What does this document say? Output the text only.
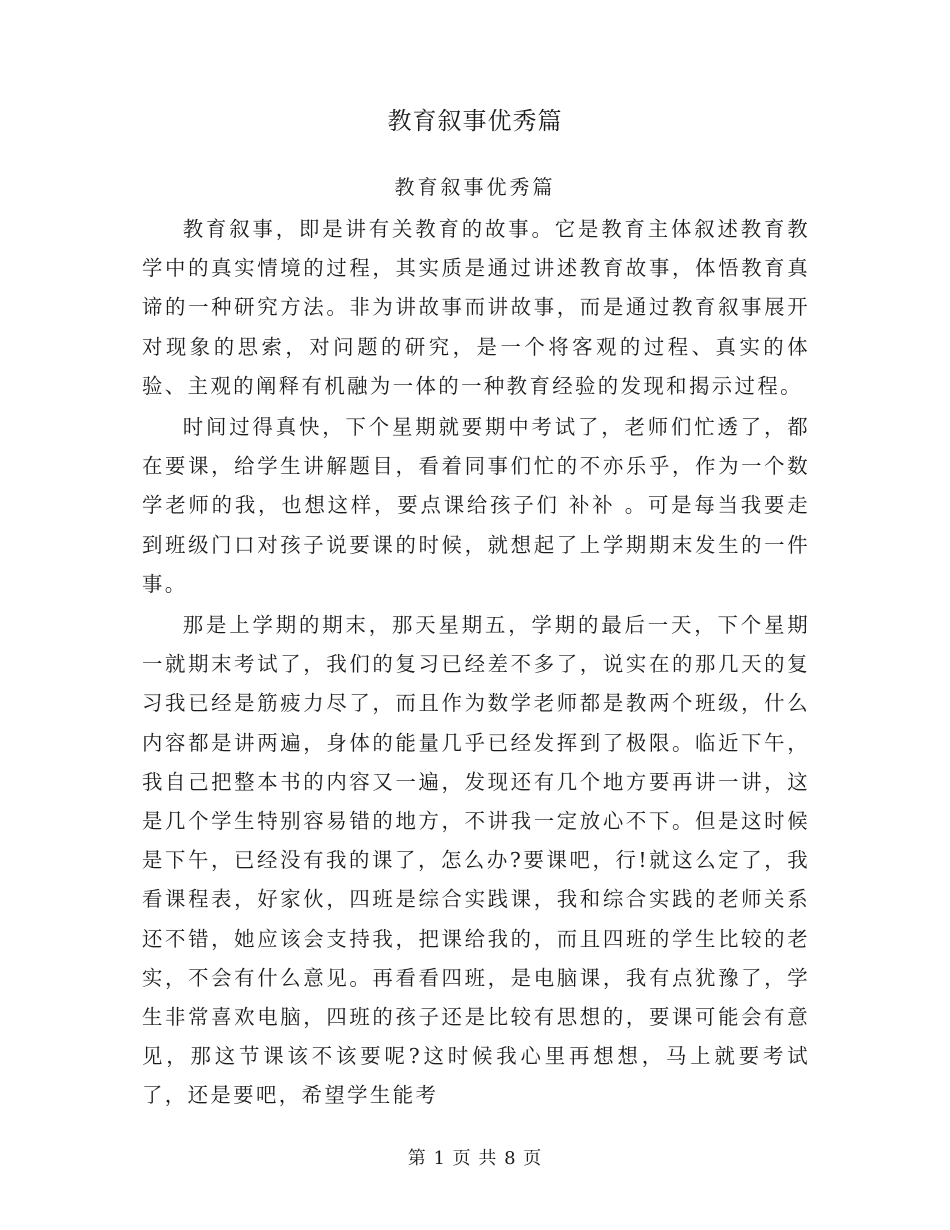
教育叙事优秀篇
教育叙事优秀篇

教育叙事，即是讲有关教育的故事。它是教育主体叙述教育教学中的真实情境的过程，其实质是通过讲述教育故事，体悟教育真谛的一种研究方法。非为讲故事而讲故事，而是通过教育叙事展开对现象的思索，对问题的研究，是一个将客观的过程、真实的体验、主观的阐释有机融为一体的一种教育经验的发现和揭示过程。

时间过得真快，下个星期就要期中考试了，老师们忙透了，都在要课，给学生讲解题目，看着同事们忙的不亦乐乎，作为一个数学老师的我，也想这样，要点课给孩子们 补补 。可是每当我要走到班级门口对孩子说要课的时候，就想起了上学期期末发生的一件事。

那是上学期的期末，那天星期五，学期的最后一天，下个星期一就期末考试了，我们的复习已经差不多了，说实在的那几天的复习我已经是筋疲力尽了，而且作为数学老师都是教两个班级，什么内容都是讲两遍，身体的能量几乎已经发挥到了极限。临近下午，我自己把整本书的内容又一遍，发现还有几个地方要再讲一讲，这是几个学生特别容易错的地方，不讲我一定放心不下。但是这时候是下午，已经没有我的课了，怎么办?要课吧，行!就这么定了，我看课程表，好家伙，四班是综合实践课，我和综合实践的老师关系还不错，她应该会支持我，把课给我的，而且四班的学生比较的老实，不会有什么意见。再看看四班，是电脑课，我有点犹豫了，学生非常喜欢电脑，四班的孩子还是比较有思想的，要课可能会有意见，那这节课该不该要呢?这时候我心里再想想，马上就要考试了，还是要吧，希望学生能考

第 1 页 共 8 页
